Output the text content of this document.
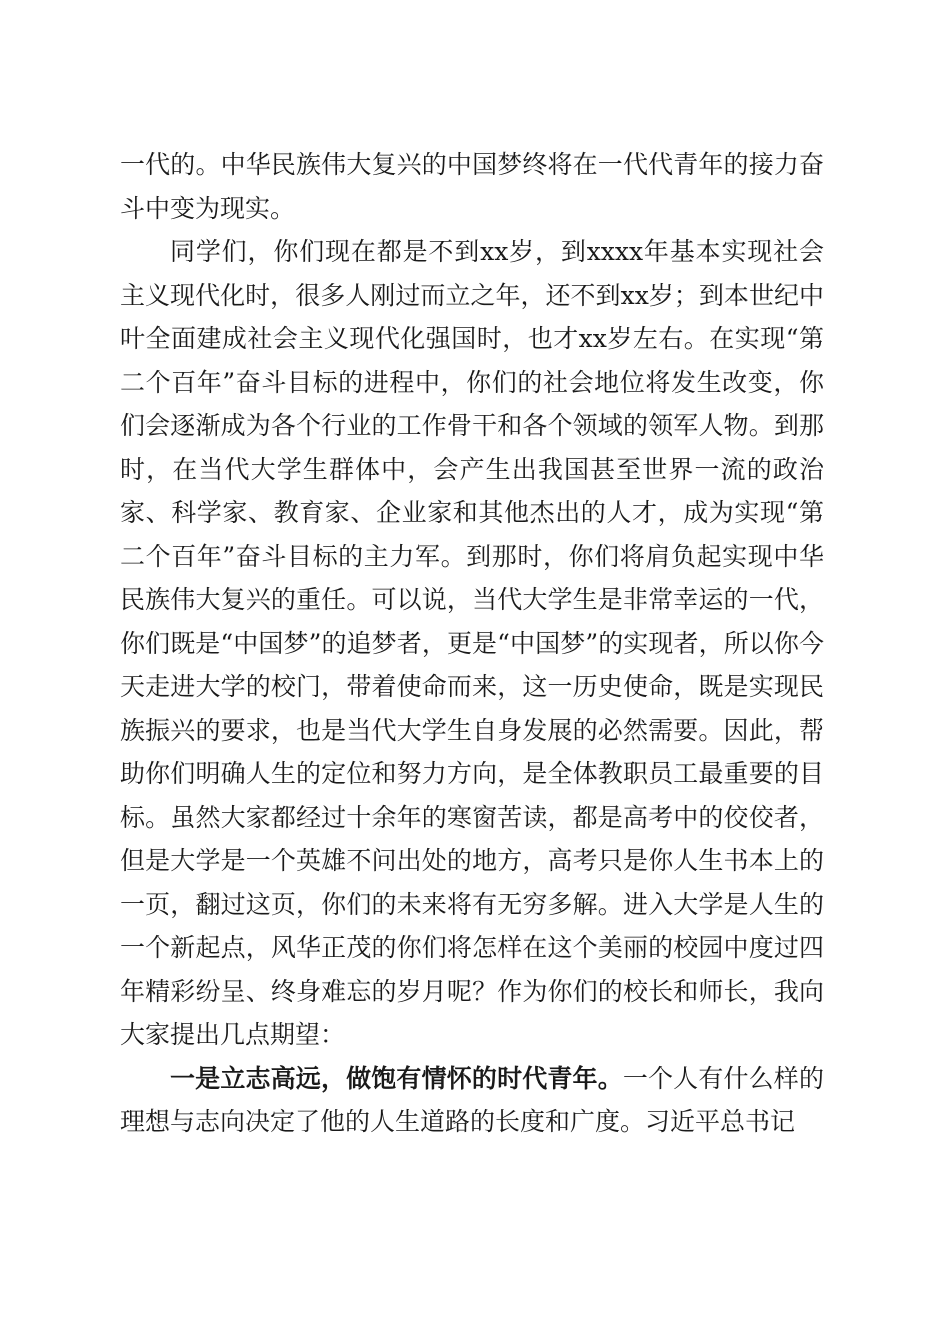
一代的。中华民族伟大复兴的中国梦终将在一代代青年的接力奋斗中变为现实。

同学们，你们现在都是不到xx岁，到xxxx年基本实现社会主义现代化时，很多人刚过而立之年，还不到xx岁；到本世纪中叶全面建成社会主义现代化强国时，也才xx岁左右。在实现“第二个百年”奋斗目标的进程中，你们的社会地位将发生改变，你们会逐渐成为各个行业的工作骨干和各个领域的领军人物。到那时，在当代大学生群体中，会产生出我国甚至世界一流的政治家、科学家、教育家、企业家和其他杰出的人才，成为实现“第二个百年”奋斗目标的主力军。到那时，你们将肩负起实现中华民族伟大复兴的重任。可以说，当代大学生是非常幸运的一代，你们既是“中国梦”的追梦者，更是“中国梦”的实现者，所以你今天走进大学的校门，带着使命而来，这一历史使命，既是实现民族振兴的要求，也是当代大学生自身发展的必然需要。因此，帮助你们明确人生的定位和努力方向，是全体教职员工最重要的目标。虽然大家都经过十余年的寒窗苦读，都是高考中的佼佼者，但是大学是一个英雄不问出处的地方，高考只是你人生书本上的一页，翻过这页，你们的未来将有无穷多解。进入大学是人生的一个新起点，风华正茂的你们将怎样在这个美丽的校园中度过四年精彩纷呈、终身难忘的岁月呢？作为你们的校长和师长，我向大家提出几点期望：

一是立志高远，做饱有情怀的时代青年。一个人有什么样的理想与志向决定了他的人生道路的长度和广度。习近平总书记
